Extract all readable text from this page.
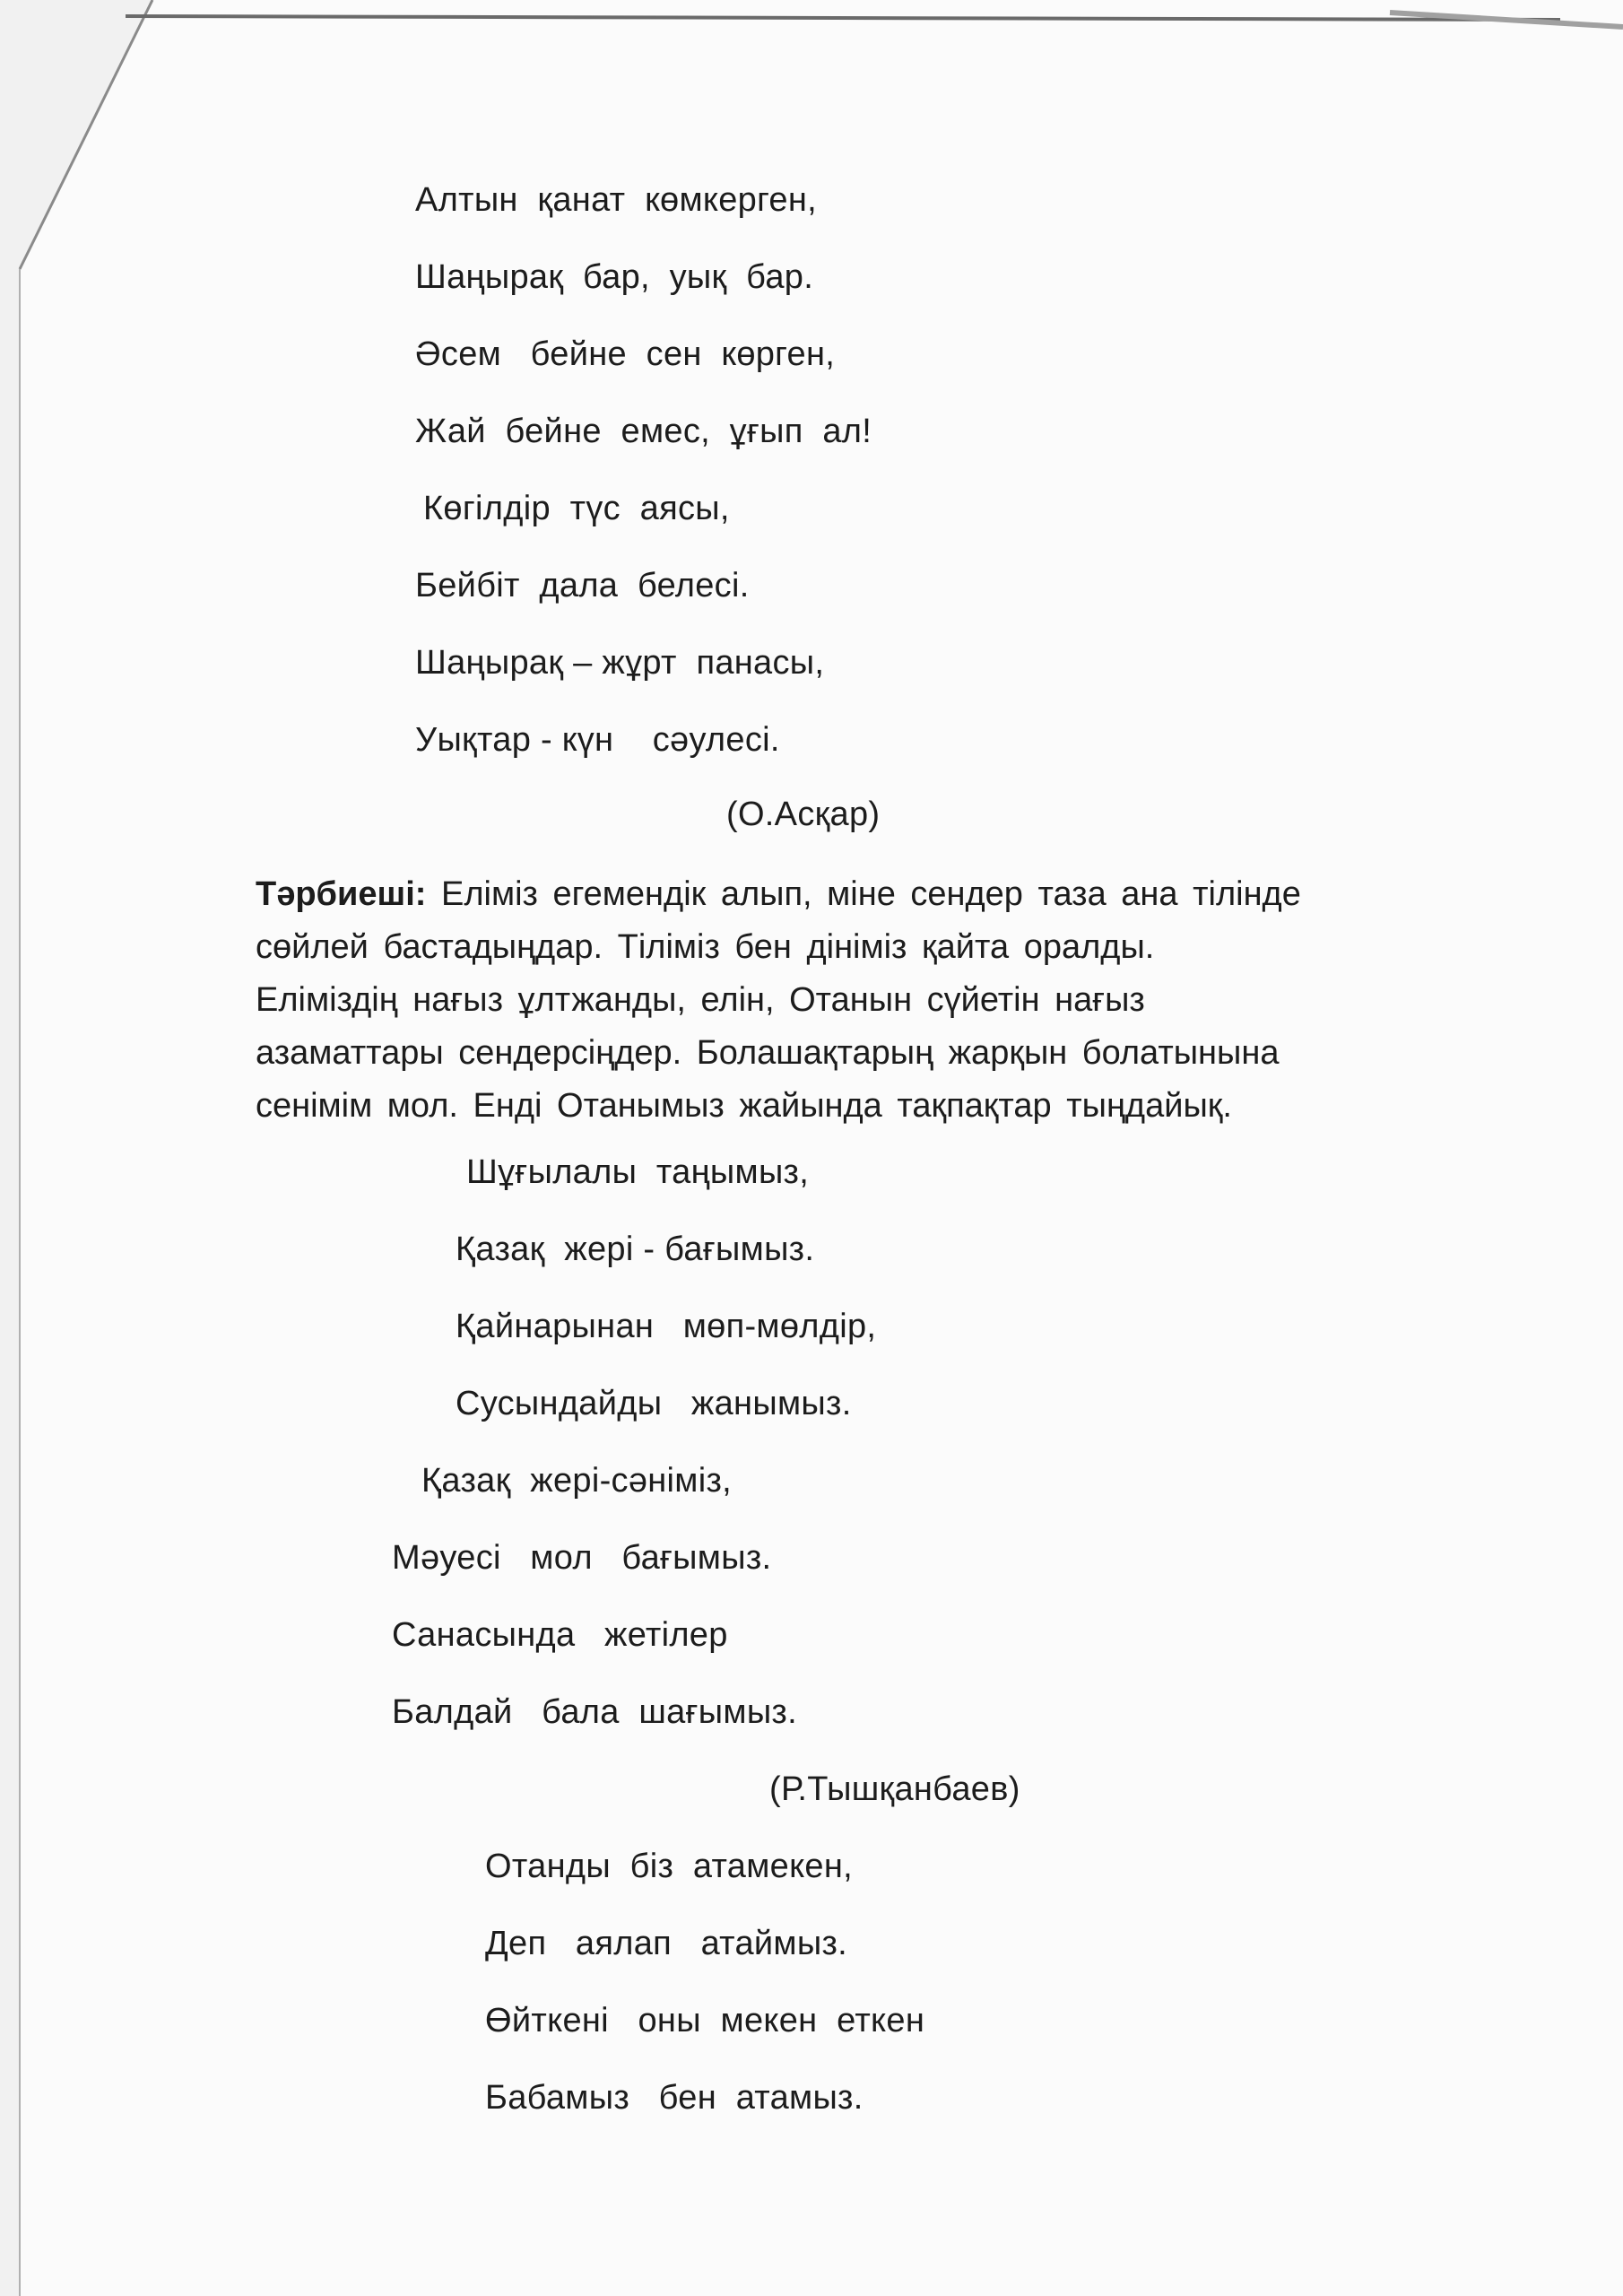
Алтын  қанат  көмкерген,
Шаңырақ  бар,  уық  бар.
Әсем   бейне  сен  көрген,
Жай  бейне  емес,  ұғып  ал!
Көгілдір  түс  аясы,
Бейбіт  дала  белесі.
Шаңырақ – жұрт  панасы,
Уықтар - күн    сәулесі.
(О.Асқар)
Тәрбиеші: Еліміз егемендік алып, міне сендер таза ана тілінде
сөйлей бастадыңдар. Тіліміз бен дініміз қайта оралды.
Еліміздің нағыз ұлтжанды, елін, Отанын сүйетін нағыз
азаматтары сендерсіңдер. Болашақтарың жарқын болатынына
сенімім мол. Енді Отанымыз жайында тақпақтар тыңдайық.
Шұғылалы  таңымыз,
Қазақ  жері - бағымыз.
Қайнарынан   мөп-мөлдір,
Сусындайды   жанымыз.
Қазақ  жері-сәніміз,
Мәуесі   мол   бағымыз.
Санасында   жетілер
Балдай   бала  шағымыз.
(Р.Тышқанбаев)
Отанды  біз  атамекен,
Деп   аялап   атаймыз.
Өйткені   оны  мекен  еткен
Бабамыз   бен  атамыз.
